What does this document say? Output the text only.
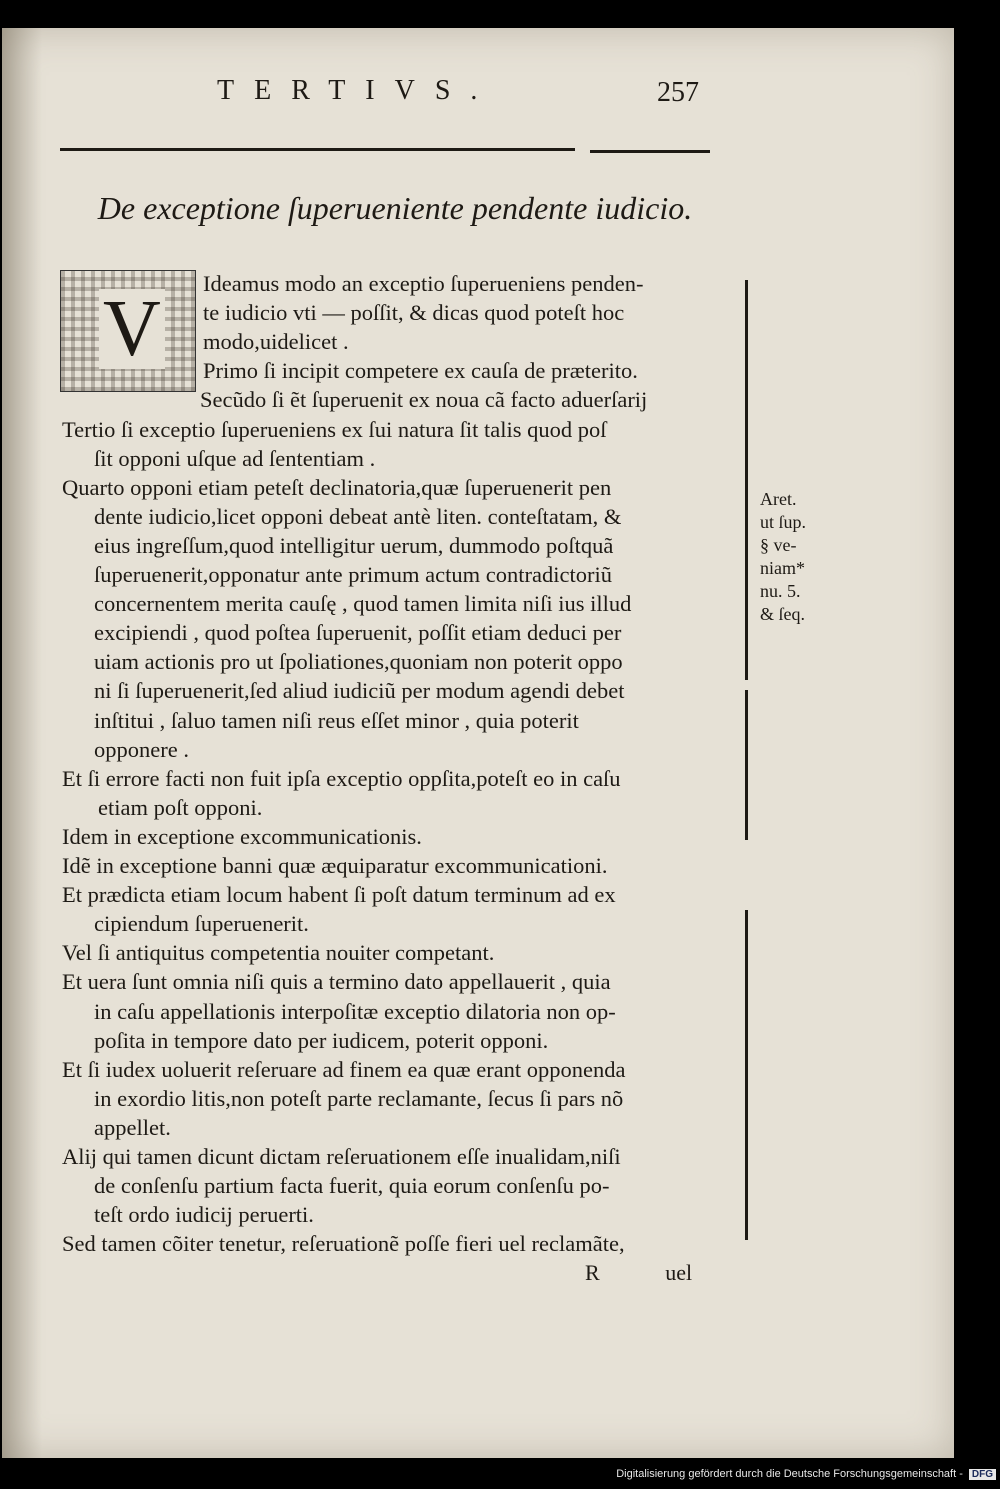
TERTIVS.	257
De exceptione ſuperueniente pendente iudicio.
V
Ideamus modo an exceptio ſuperueniens penden-
te iudicio vti — poſſit, & dicas quod poteſt hoc
modo,uidelicet .
Primo ſi incipit competere ex cauſa de præterito.
Secũdo ſi ẽt ſuperuenit ex noua cã facto aduerſarij
Tertio ſi exceptio ſuperueniens ex ſui natura ſit talis quod poſ
ſit opponi uſque ad ſententiam .
Quarto opponi etiam peteſt declinatoria,quæ ſuperuenerit pen
dente iudicio,licet opponi debeat antè liten. conteſtatam, &
eius ingreſſum,quod intelligitur uerum, dummodo poſtquã
ſuperuenerit,opponatur ante primum actum contradictoriũ
concernentem merita cauſę , quod tamen limita niſi ius illud
excipiendi , quod poſtea ſuperuenit, poſſit etiam deduci per
uiam actionis pro ut ſpoliationes,quoniam non poterit oppo
ni ſi ſuperuenerit,ſed aliud iudiciũ per modum agendi debet
inſtitui , ſaluo tamen niſi reus eſſet minor , quia poterit
opponere .
Et ſi errore facti non fuit ipſa exceptio oppſita,poteſt eo in caſu
etiam poſt opponi.
Idem in exceptione excommunicationis.
Idẽ in exceptione banni quæ æquiparatur excommunicationi.
Et prædicta etiam locum habent ſi poſt datum terminum ad ex
cipiendum ſuperuenerit.
Vel ſi antiquitus competentia nouiter competant.
Et uera ſunt omnia niſi quis a termino dato appellauerit , quia
in caſu appellationis interpoſitæ exceptio dilatoria non op-
poſita in tempore dato per iudicem, poterit opponi.
Et ſi iudex uoluerit reſeruare ad finem ea quæ erant opponenda
in exordio litis,non poteſt parte reclamante, ſecus ſi pars nõ
appellet.
Alij qui tamen dicunt dictam reſeruationem eſſe inualidam,niſi
de conſenſu partium facta fuerit, quia eorum conſenſu po-
teſt ordo iudicij peruerti.
Sed tamen cõiter tenetur, reſeruationẽ poſſe fieri uel reclamãte,
Aret.
ut ſup.
§ ve-
niam*
nu. 5.
& ſeq.
R	uel
Digitalisierung gefördert durch die Deutsche Forschungsgemeinschaft - DFG
